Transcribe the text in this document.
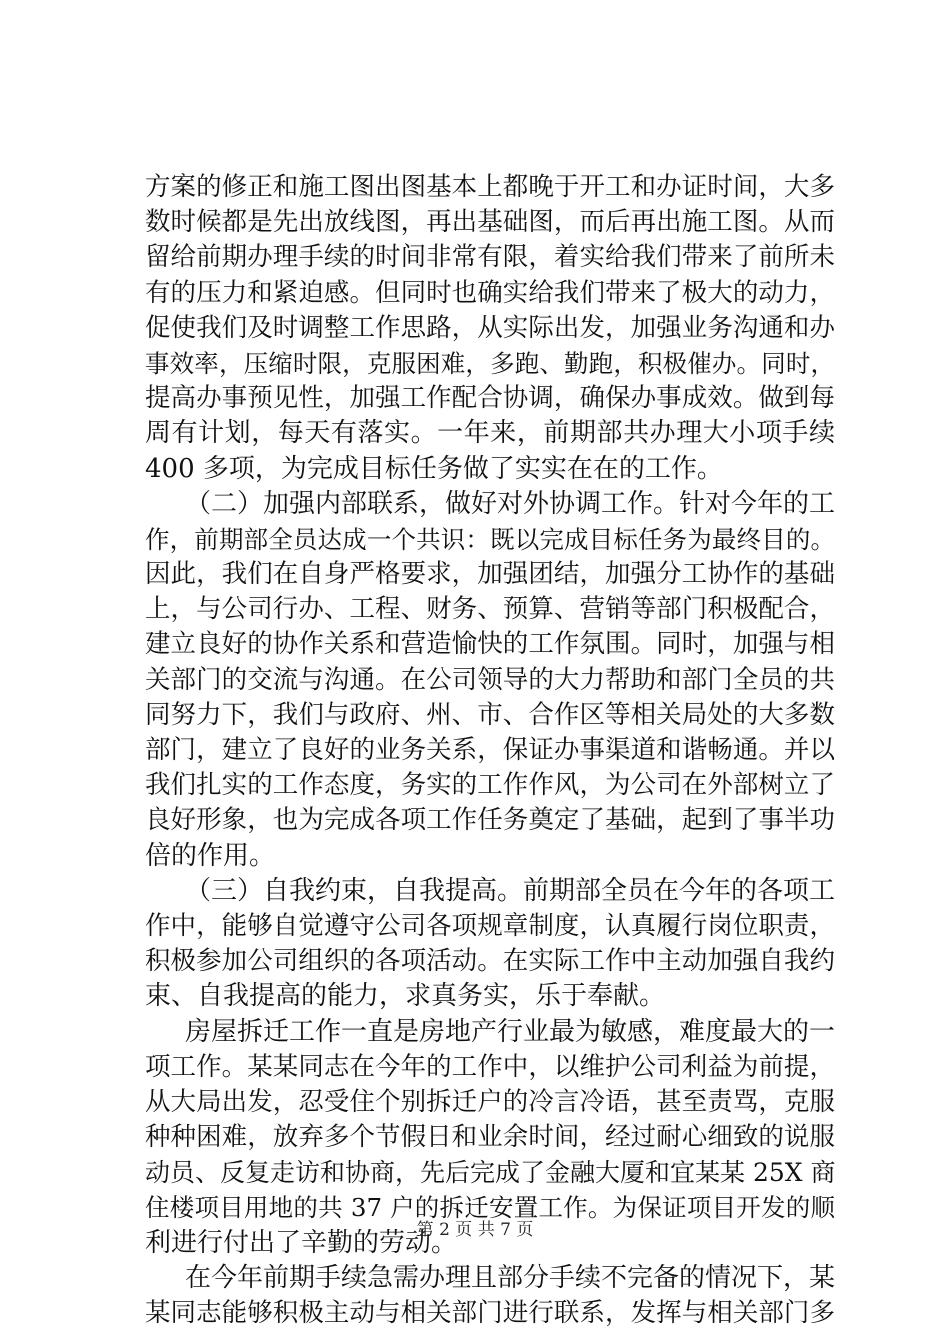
方案的修正和施工图出图基本上都晚于开工和办证时间，大多
数时候都是先出放线图，再出基础图，而后再出施工图。从而
留给前期办理手续的时间非常有限，着实给我们带来了前所未
有的压力和紧迫感。但同时也确实给我们带来了极大的动力，
促使我们及时调整工作思路，从实际出发，加强业务沟通和办
事效率，压缩时限，克服困难，多跑、勤跑，积极催办。同时，
提高办事预见性，加强工作配合协调，确保办事成效。做到每
周有计划，每天有落实。一年来，前期部共办理大小项手续
400 多项，为完成目标任务做了实实在在的工作。
（二）加强内部联系，做好对外协调工作。针对今年的工
作，前期部全员达成一个共识：既以完成目标任务为最终目的。
因此，我们在自身严格要求，加强团结，加强分工协作的基础
上，与公司行办、工程、财务、预算、营销等部门积极配合，
建立良好的协作关系和营造愉快的工作氛围。同时，加强与相
关部门的交流与沟通。在公司领导的大力帮助和部门全员的共
同努力下，我们与政府、州、市、合作区等相关局处的大多数
部门，建立了良好的业务关系，保证办事渠道和谐畅通。并以
我们扎实的工作态度，务实的工作作风，为公司在外部树立了
良好形象，也为完成各项工作任务奠定了基础，起到了事半功
倍的作用。
（三）自我约束，自我提高。前期部全员在今年的各项工
作中，能够自觉遵守公司各项规章制度，认真履行岗位职责，
积极参加公司组织的各项活动。在实际工作中主动加强自我约
束、自我提高的能力，求真务实，乐于奉献。
房屋拆迁工作一直是房地产行业最为敏感，难度最大的一
项工作。某某同志在今年的工作中，以维护公司利益为前提，
从大局出发，忍受住个别拆迁户的冷言冷语，甚至责骂，克服
种种困难，放弃多个节假日和业余时间，经过耐心细致的说服
动员、反复走访和协商，先后完成了金融大厦和宜某某 25X 商
住楼项目用地的共 37 户的拆迁安置工作。为保证项目开发的顺
利进行付出了辛勤的劳动。
在今年前期手续急需办理且部分手续不完备的情况下，某
某同志能够积极主动与相关部门进行联系，发挥与相关部门多
第 2 页 共 7 页
